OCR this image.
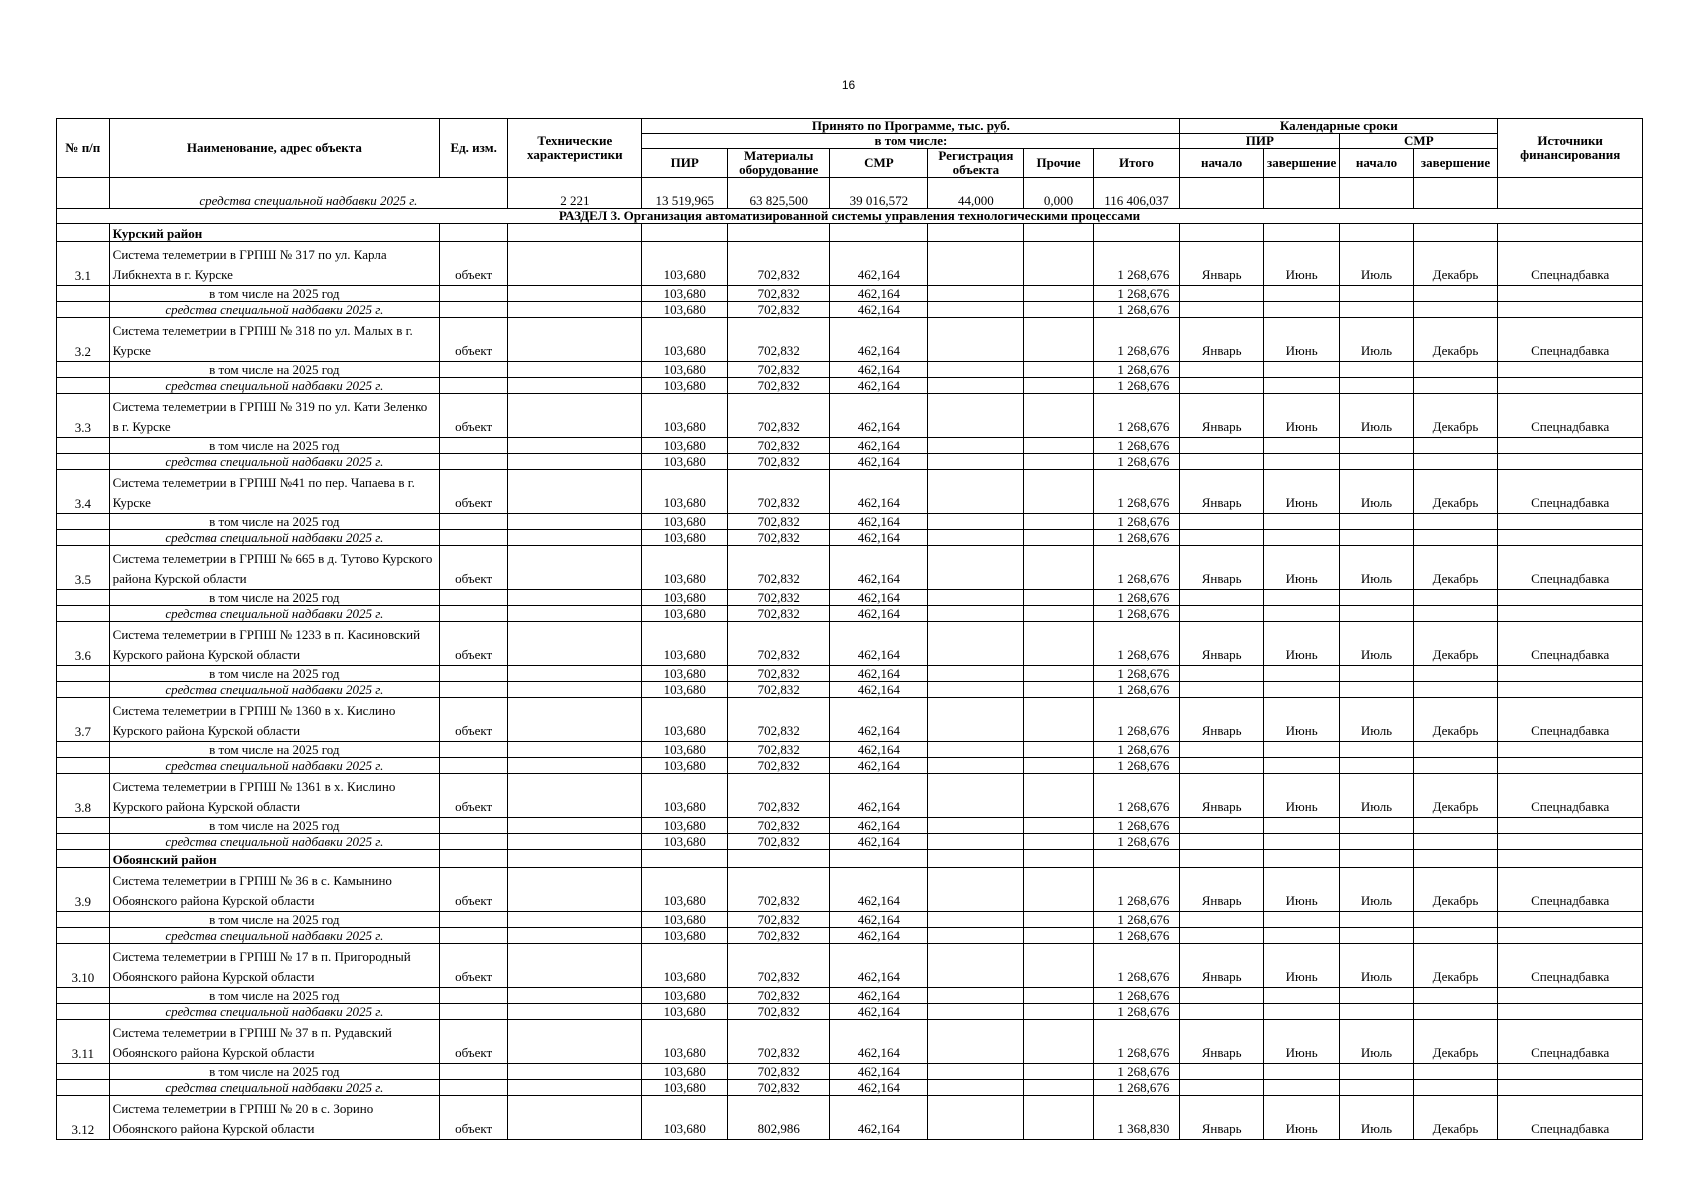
16
№ п/п	Наименование, адрес объекта	Ед. изм.	Технические характеристики	Принято по Программе, тыс. руб.						Календарные сроки				Источники финансирования
				в том числе:						ПИР		СМР		
				ПИР	Материалы оборудование	СМР	Регистрация объекта	Прочие	Итого	начало	завершение	начало	завершение	
	средства специальной надбавки 2025 г.		2 221	13 519,965	63 825,500	39 016,572	44,000	0,000	116 406,037					
РАЗДЕЛ 3. Организация автоматизированной системы управления технологическими процессами														
	Курский район													
3.1	Система телеметрии в ГРПШ № 317 по ул. Карла Либкнехта в г. Курске	объект		103,680	702,832	462,164			1 268,676	Январь	Июнь	Июль	Декабрь	Спецнадбавка
	в том числе на 2025 год			103,680	702,832	462,164			1 268,676					
	средства специальной надбавки 2025 г.			103,680	702,832	462,164			1 268,676					
3.2	Система телеметрии в ГРПШ № 318 по ул. Малых в г. Курске	объект		103,680	702,832	462,164			1 268,676	Январь	Июнь	Июль	Декабрь	Спецнадбавка
	в том числе на 2025 год			103,680	702,832	462,164			1 268,676					
	средства специальной надбавки 2025 г.			103,680	702,832	462,164			1 268,676					
3.3	Система телеметрии в ГРПШ № 319 по ул. Кати Зеленко в г. Курске	объект		103,680	702,832	462,164			1 268,676	Январь	Июнь	Июль	Декабрь	Спецнадбавка
	в том числе на 2025 год			103,680	702,832	462,164			1 268,676					
	средства специальной надбавки 2025 г.			103,680	702,832	462,164			1 268,676					
3.4	Система телеметрии в ГРПШ №41 по пер. Чапаева в г. Курске	объект		103,680	702,832	462,164			1 268,676	Январь	Июнь	Июль	Декабрь	Спецнадбавка
	в том числе на 2025 год			103,680	702,832	462,164			1 268,676					
	средства специальной надбавки 2025 г.			103,680	702,832	462,164			1 268,676					
3.5	Система телеметрии в ГРПШ № 665 в д. Тутово Курского района Курской области	объект		103,680	702,832	462,164			1 268,676	Январь	Июнь	Июль	Декабрь	Спецнадбавка
	в том числе на 2025 год			103,680	702,832	462,164			1 268,676					
	средства специальной надбавки 2025 г.			103,680	702,832	462,164			1 268,676					
3.6	Система телеметрии в ГРПШ № 1233 в п. Касиновский Курского района Курской области	объект		103,680	702,832	462,164			1 268,676	Январь	Июнь	Июль	Декабрь	Спецнадбавка
	в том числе на 2025 год			103,680	702,832	462,164			1 268,676					
	средства специальной надбавки 2025 г.			103,680	702,832	462,164			1 268,676					
3.7	Система телеметрии в ГРПШ № 1360 в х. Кислино Курского района Курской области	объект		103,680	702,832	462,164			1 268,676	Январь	Июнь	Июль	Декабрь	Спецнадбавка
	в том числе на 2025 год			103,680	702,832	462,164			1 268,676					
	средства специальной надбавки 2025 г.			103,680	702,832	462,164			1 268,676					
3.8	Система телеметрии в ГРПШ № 1361 в х. Кислино Курского района Курской области	объект		103,680	702,832	462,164			1 268,676	Январь	Июнь	Июль	Декабрь	Спецнадбавка
	в том числе на 2025 год			103,680	702,832	462,164			1 268,676					
	средства специальной надбавки 2025 г.			103,680	702,832	462,164			1 268,676					
	Обоянский район													
3.9	Система телеметрии в ГРПШ № 36 в с. Камынино Обоянского района Курской области	объект		103,680	702,832	462,164			1 268,676	Январь	Июнь	Июль	Декабрь	Спецнадбавка
	в том числе на 2025 год			103,680	702,832	462,164			1 268,676					
	средства специальной надбавки 2025 г.			103,680	702,832	462,164			1 268,676					
3.10	Система телеметрии в ГРПШ № 17 в п. Пригородный Обоянского района Курской области	объект		103,680	702,832	462,164			1 268,676	Январь	Июнь	Июль	Декабрь	Спецнадбавка
	в том числе на 2025 год			103,680	702,832	462,164			1 268,676					
	средства специальной надбавки 2025 г.			103,680	702,832	462,164			1 268,676					
3.11	Система телеметрии в ГРПШ № 37 в п. Рудавский Обоянского района Курской области	объект		103,680	702,832	462,164			1 268,676	Январь	Июнь	Июль	Декабрь	Спецнадбавка
	в том числе на 2025 год			103,680	702,832	462,164			1 268,676					
	средства специальной надбавки 2025 г.			103,680	702,832	462,164			1 268,676					
3.12	Система телеметрии в ГРПШ № 20 в с. Зорино Обоянского района Курской области	объект		103,680	802,986	462,164			1 368,830	Январь	Июнь	Июль	Декабрь	Спецнадбавка
